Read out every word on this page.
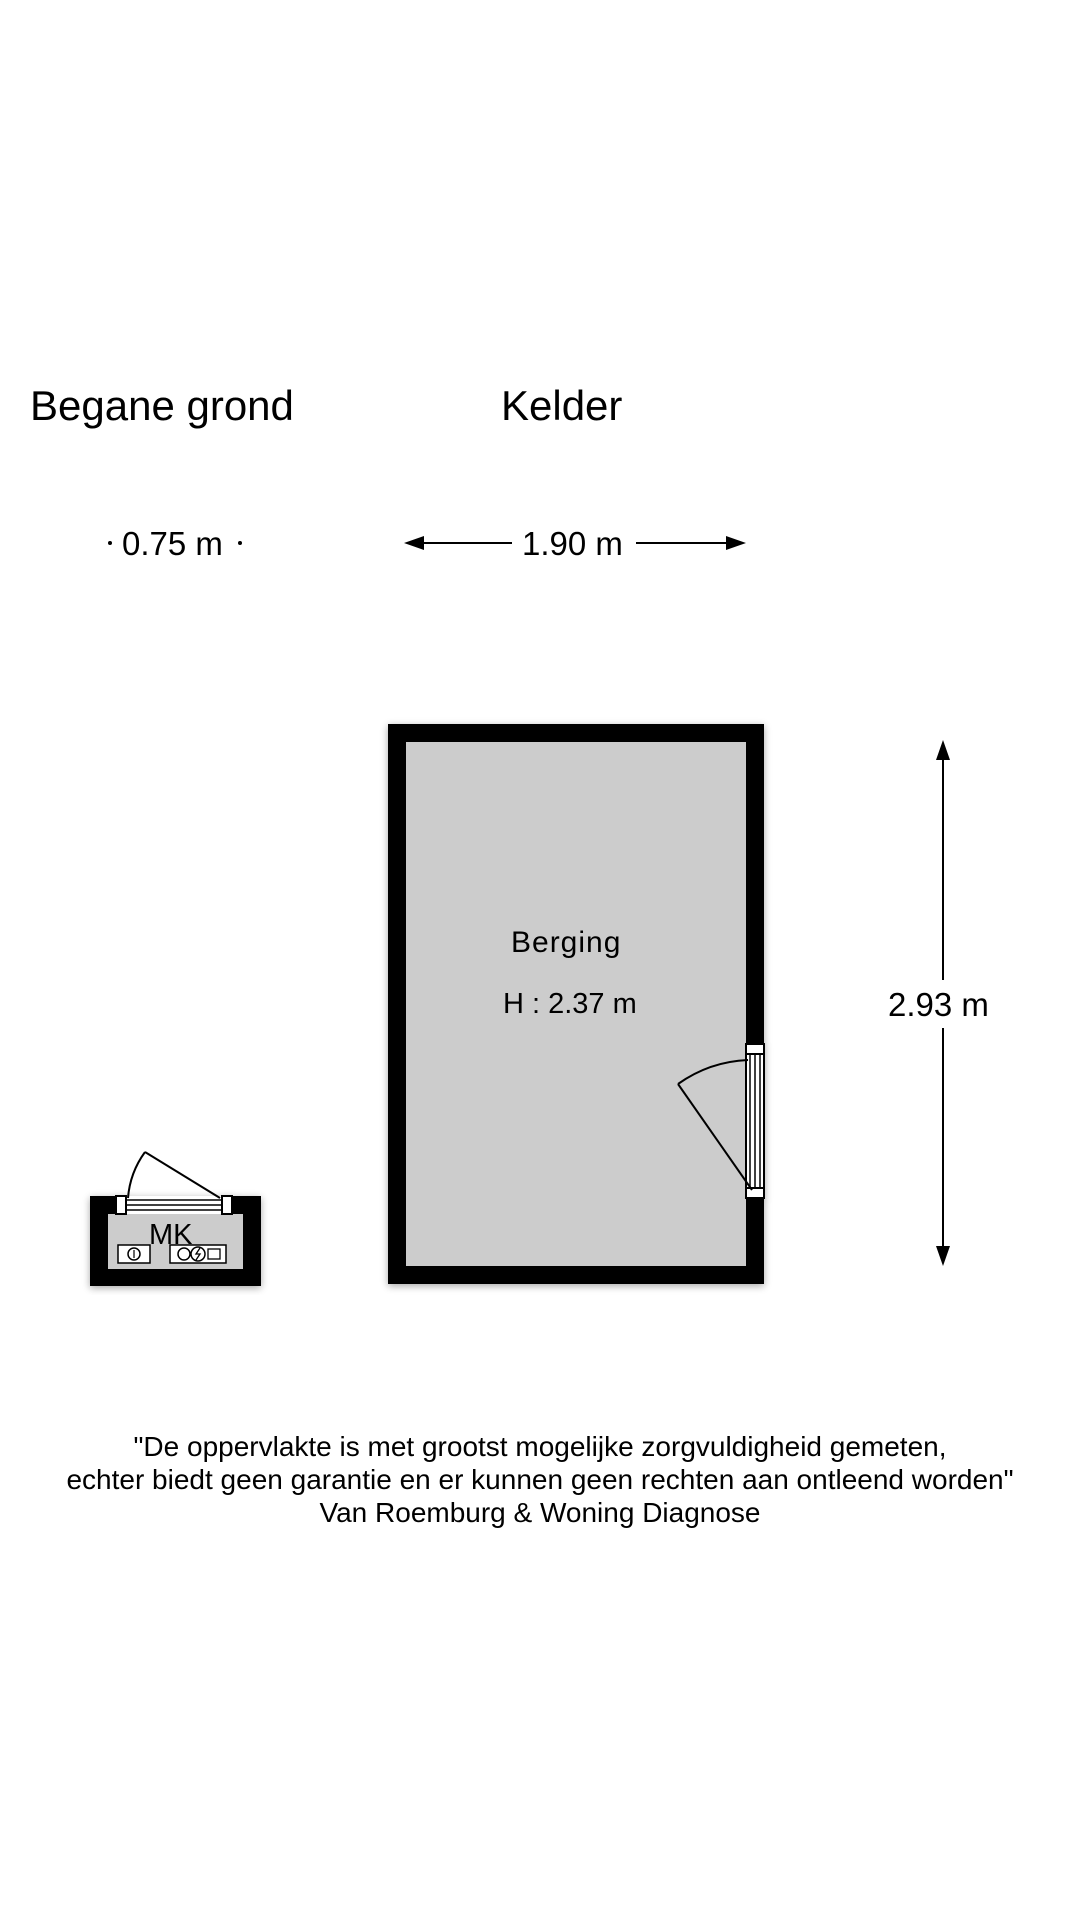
Begane grond	Kelder
0.75 m	1.90 m
2.93 m
Berging
H : 2.37 m
MK
"De oppervlakte is met grootst mogelijke zorgvuldigheid gemeten,
echter biedt geen garantie en er kunnen geen rechten aan ontleend worden"
Van Roemburg & Woning Diagnose
